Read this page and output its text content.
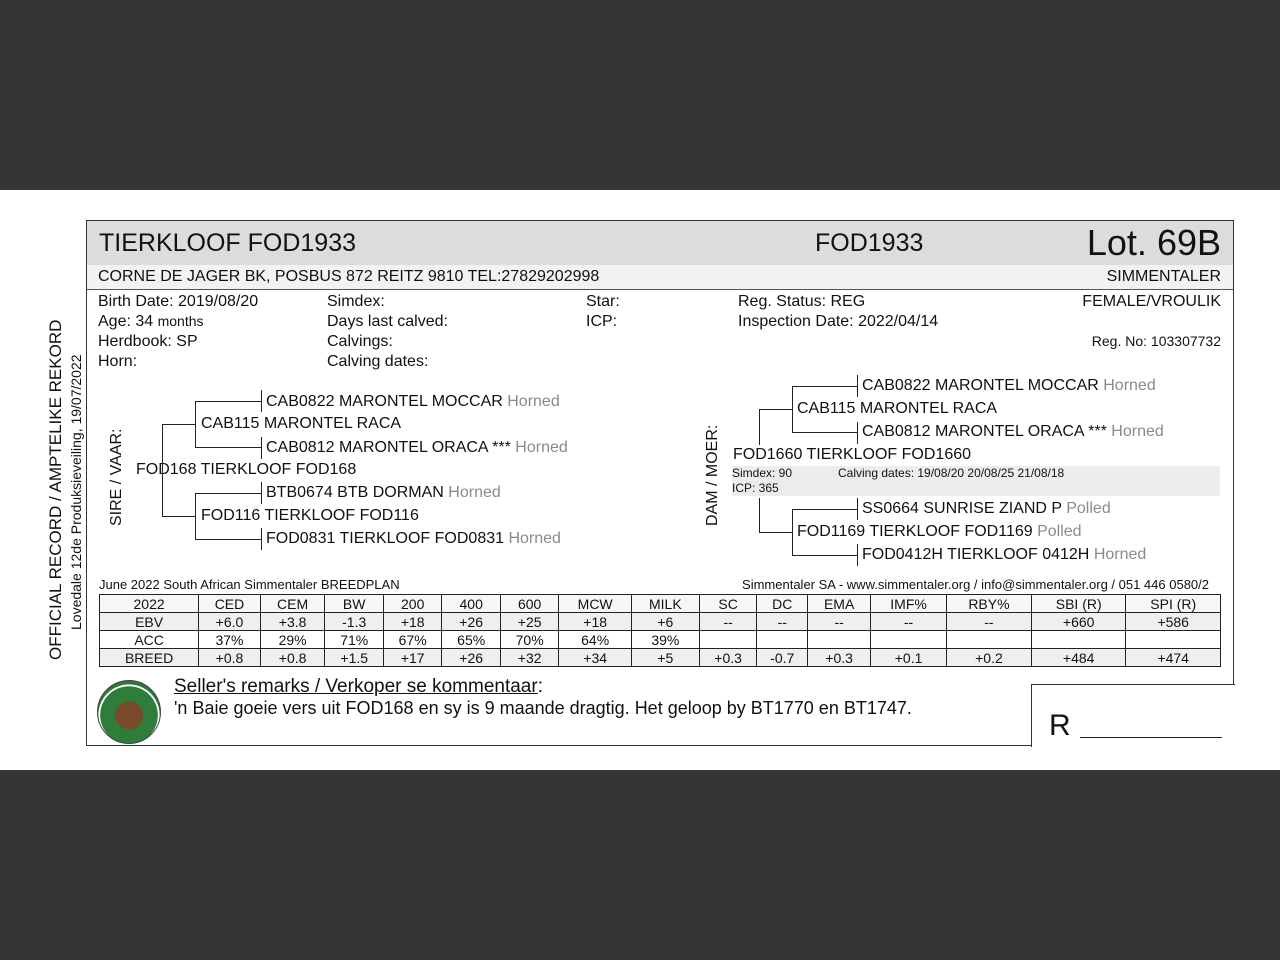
OFFICIAL RECORD / AMPTELIKE REKORD Lovedale 12de Produksieveiling, 19/07/2022
TIERKLOOF FOD1933	FOD1933	Lot. 69B
CORNE DE JAGER BK, POSBUS 872 REITZ 9810 TEL:27829202998	SIMMENTALER
Birth Date: 2019/08/20
Age: 34 months
Herdbook: SP
Horn:
Simdex:
Days last calved:
Calvings:
Calving dates:
Star:
ICP:
Reg. Status: REG
Inspection Date: 2022/04/14
FEMALE/VROULIK
Reg. No: 103307732
SIRE / VAAR: FOD168 TIERKLOOF FOD168
CAB115 MARONTEL RACA
CAB0822 MARONTEL MOCCAR Horned
CAB0812 MARONTEL ORACA *** Horned
FOD116 TIERKLOOF FOD116
BTB0674 BTB DORMAN Horned
FOD0831 TIERKLOOF FOD0831 Horned
DAM / MOER: FOD1660 TIERKLOOF FOD1660
Simdex: 90	Calving dates: 19/08/20 20/08/25 21/08/18
ICP: 365
CAB115 MARONTEL RACA
CAB0822 MARONTEL MOCCAR Horned
CAB0812 MARONTEL ORACA *** Horned
FOD1169 TIERKLOOF FOD1169 Polled
SS0664 SUNRISE ZIAND P Polled
FOD0412H TIERKLOOF 0412H Horned
June 2022 South African Simmentaler BREEDPLAN	Simmentaler SA - www.simmentaler.org / info@simmentaler.org / 051 446 0580/2
2022	CED	CEM	BW	200	400	600	MCW	MILK	SC	DC	EMA	IMF%	RBY%	SBI (R)	SPI (R)
EBV	+6.0	+3.8	-1.3	+18	+26	+25	+18	+6	--	--	--	--	--	+660	+586
ACC	37%	29%	71%	67%	65%	70%	64%	39%							
BREED	+0.8	+0.8	+1.5	+17	+26	+32	+34	+5	+0.3	-0.7	+0.3	+0.1	+0.2	+484	+474
Seller's remarks / Verkoper se kommentaar:
'n Baie goeie vers uit FOD168 en sy is 9 maande dragtig. Het geloop by BT1770 en BT1747.
R
